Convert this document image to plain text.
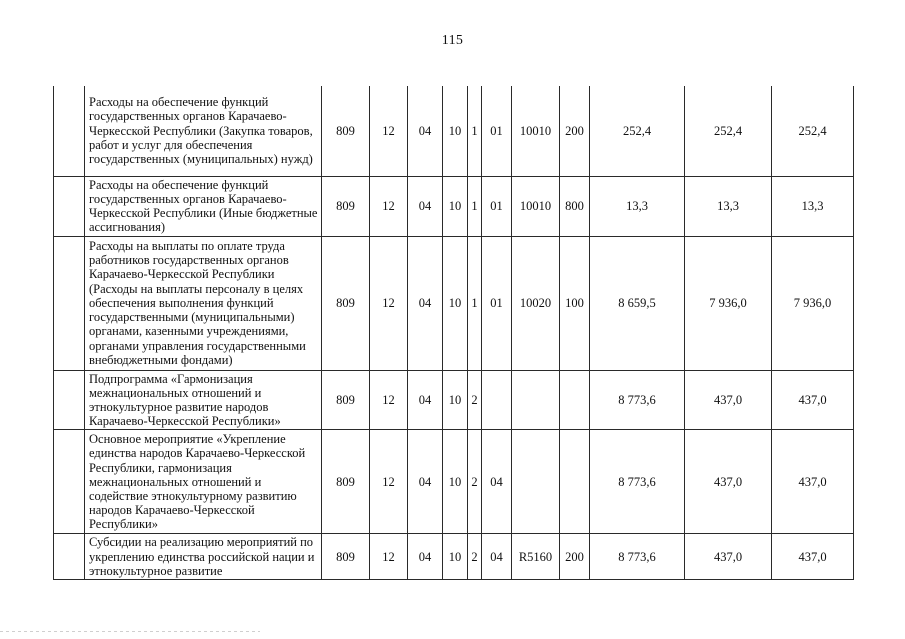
115
	Расходы на обеспечение функций государственных органов Карачаево-Черкесской Республики (Закупка товаров, работ и услуг для обеспечения государственных (муниципальных) нужд)	809	12	04	10	1	01	10010	200	252,4	252,4	252,4
	Расходы на обеспечение функций государственных органов Карачаево-Черкесской Республики (Иные бюджетные ассигнования)	809	12	04	10	1	01	10010	800	13,3	13,3	13,3
	Расходы на выплаты по оплате труда работников государственных органов Карачаево-Черкесской Республики (Расходы на выплаты персоналу в целях обеспечения выполнения функций государственными (муниципальными) органами, казенными учреждениями, органами управления государственными внебюджетными фондами)	809	12	04	10	1	01	10020	100	8 659,5	7 936,0	7 936,0
	Подпрограмма «Гармонизация межнациональных отношений и этнокультурное развитие народов Карачаево-Черкесской Республики»	809	12	04	10	2				8 773,6	437,0	437,0
	Основное мероприятие «Укрепление единства народов Карачаево-Черкесской Республики, гармонизация межнациональных отношений и содействие этнокультурному развитию народов Карачаево-Черкесской Республики»	809	12	04	10	2	04			8 773,6	437,0	437,0
	Субсидии на реализацию мероприятий по укреплению единства российской нации и этнокультурное развитие	809	12	04	10	2	04	R5160	200	8 773,6	437,0	437,0
